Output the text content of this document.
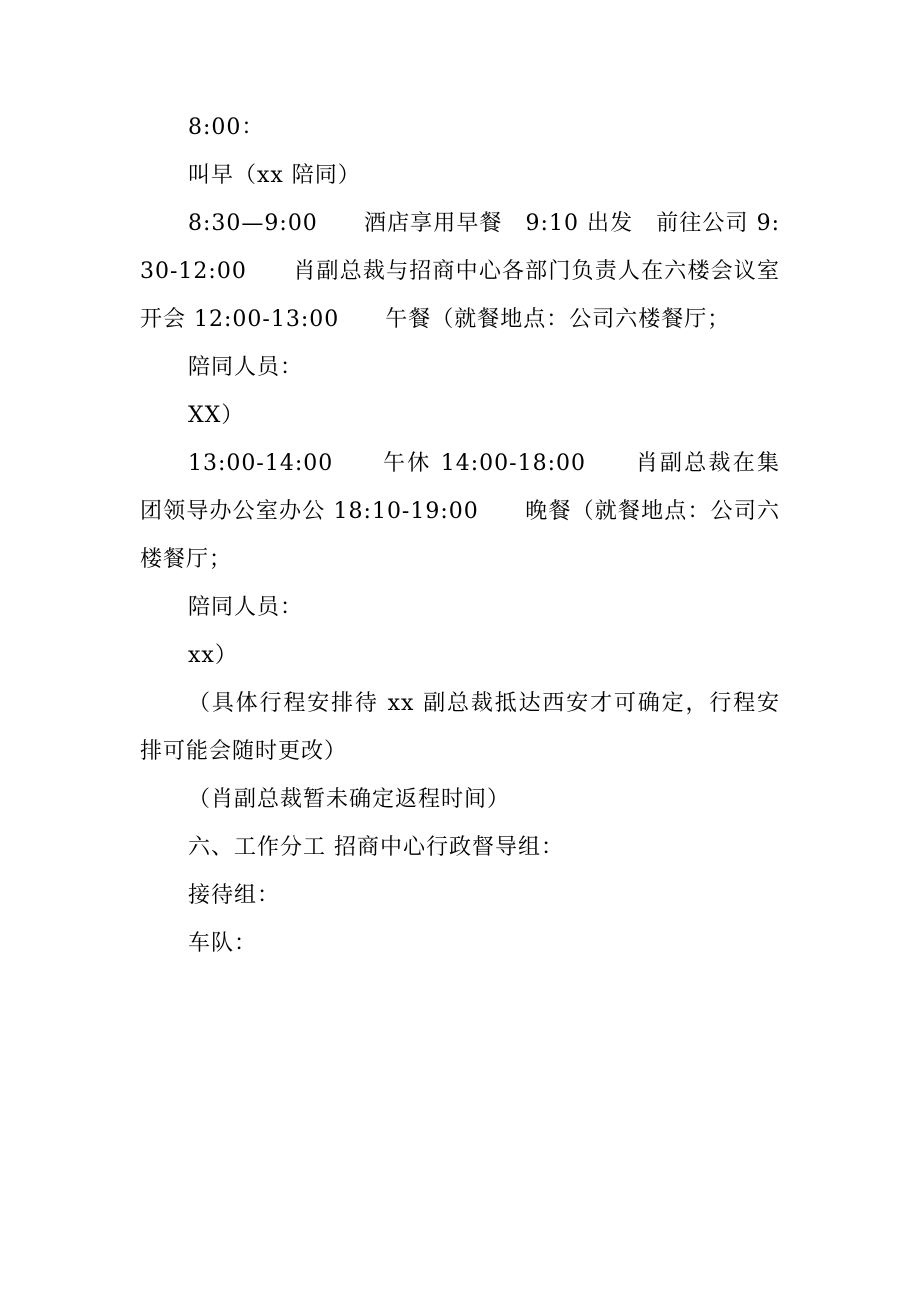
8:00：

叫早（xx 陪同）

8:30—9:00　　酒店享用早餐　9:10 出发　前往公司 9:30-12:00　　肖副总裁与招商中心各部门负责人在六楼会议室开会 12:00-13:00　　午餐（就餐地点：公司六楼餐厅；

陪同人员：

XX）

13:00-14:00　　午休 14:00-18:00　　肖副总裁在集团领导办公室办公 18:10-19:00　　晚餐（就餐地点：公司六楼餐厅；

陪同人员：

xx）

（具体行程安排待 xx 副总裁抵达西安才可确定，行程安排可能会随时更改）

（肖副总裁暂未确定返程时间）

六、工作分工 招商中心行政督导组：

接待组：

车队：
